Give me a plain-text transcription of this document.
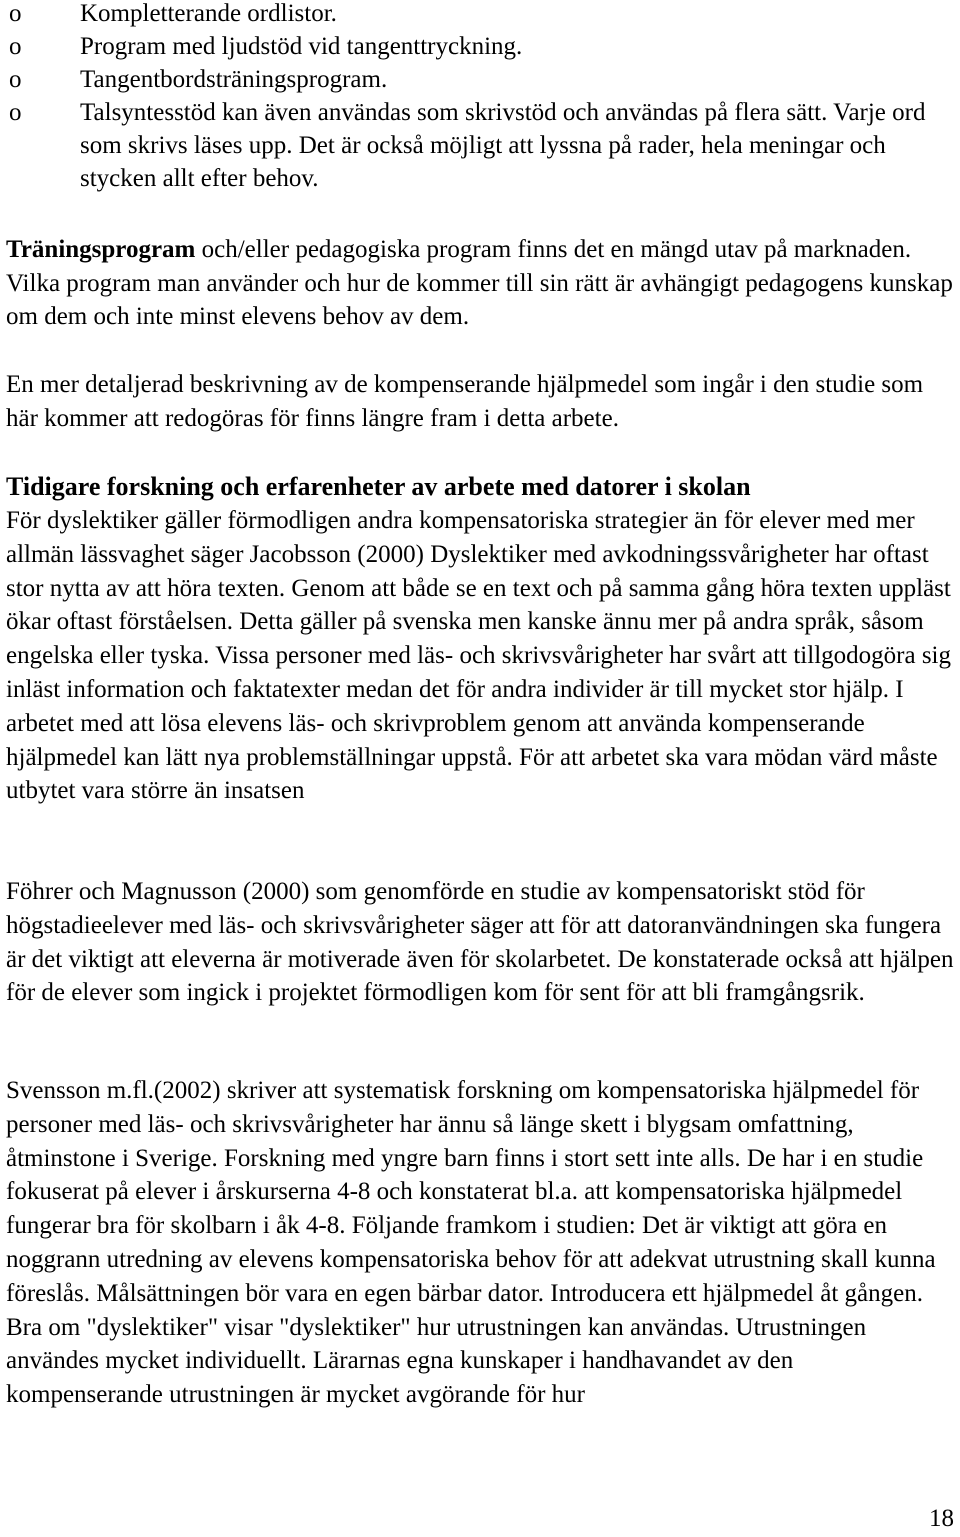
o Kompletterande ordlistor.
o Program med ljudstöd vid tangenttryckning.
o Tangentbordsträningsprogram.
o Talsyntesstöd kan även användas som skrivstöd och användas på flera sätt. Varje ord som skrivs läses upp. Det är också möjligt att lyssna på rader, hela meningar och stycken allt efter behov.

Träningsprogram och/eller pedagogiska program finns det en mängd utav på marknaden. Vilka program man använder och hur de kommer till sin rätt är avhängigt pedagogens kunskap om dem och inte minst elevens behov av dem.

En mer detaljerad beskrivning av de kompenserande hjälpmedel som ingår i den studie som här kommer att redogöras för finns längre fram i detta arbete.

Tidigare forskning och erfarenheter av arbete med datorer i skolan

För dyslektiker gäller förmodligen andra kompensatoriska strategier än för elever med mer allmän lässvaghet säger Jacobsson (2000) Dyslektiker med avkodningssvårigheter har oftast stor nytta av att höra texten. Genom att både se en text och på samma gång höra texten uppläst ökar oftast förståelsen. Detta gäller på svenska men kanske ännu mer på andra språk, såsom engelska eller tyska. Vissa personer med läs- och skrivsvårigheter har svårt att tillgodogöra sig inläst information och faktatexter medan det för andra individer är till mycket stor hjälp. I arbetet med att lösa elevens läs- och skrivproblem genom att använda kompenserande hjälpmedel kan lätt nya problemställningar uppstå. För att arbetet ska vara mödan värd måste utbytet vara större än insatsen

Föhrer och Magnusson (2000) som genomförde en studie av kompensatoriskt stöd för högstadieelever med läs- och skrivsvårigheter säger att för att datoranvändningen ska fungera är det viktigt att eleverna är motiverade även för skolarbetet. De konstaterade också att hjälpen för de elever som ingick i projektet förmodligen kom för sent för att bli framgångsrik.

Svensson m.fl.(2002) skriver att systematisk forskning om kompensatoriska hjälpmedel för personer med läs- och skrivsvårigheter har ännu så länge skett i blygsam omfattning, åtminstone i Sverige. Forskning med yngre barn finns i stort sett inte alls. De har i en studie fokuserat på elever i årskurserna 4-8 och konstaterat bl.a. att kompensatoriska hjälpmedel fungerar bra för skolbarn i åk 4-8. Följande framkom i studien: Det är viktigt att göra en noggrann utredning av elevens kompensatoriska behov för att adekvat utrustning skall kunna föreslås. Målsättningen bör vara en egen bärbar dator. Introducera ett hjälpmedel åt gången. Bra om "dyslektiker" visar "dyslektiker" hur utrustningen kan användas. Utrustningen användes mycket individuellt. Lärarnas egna kunskaper i handhavandet av den kompenserande utrustningen är mycket avgörande för hur

18
